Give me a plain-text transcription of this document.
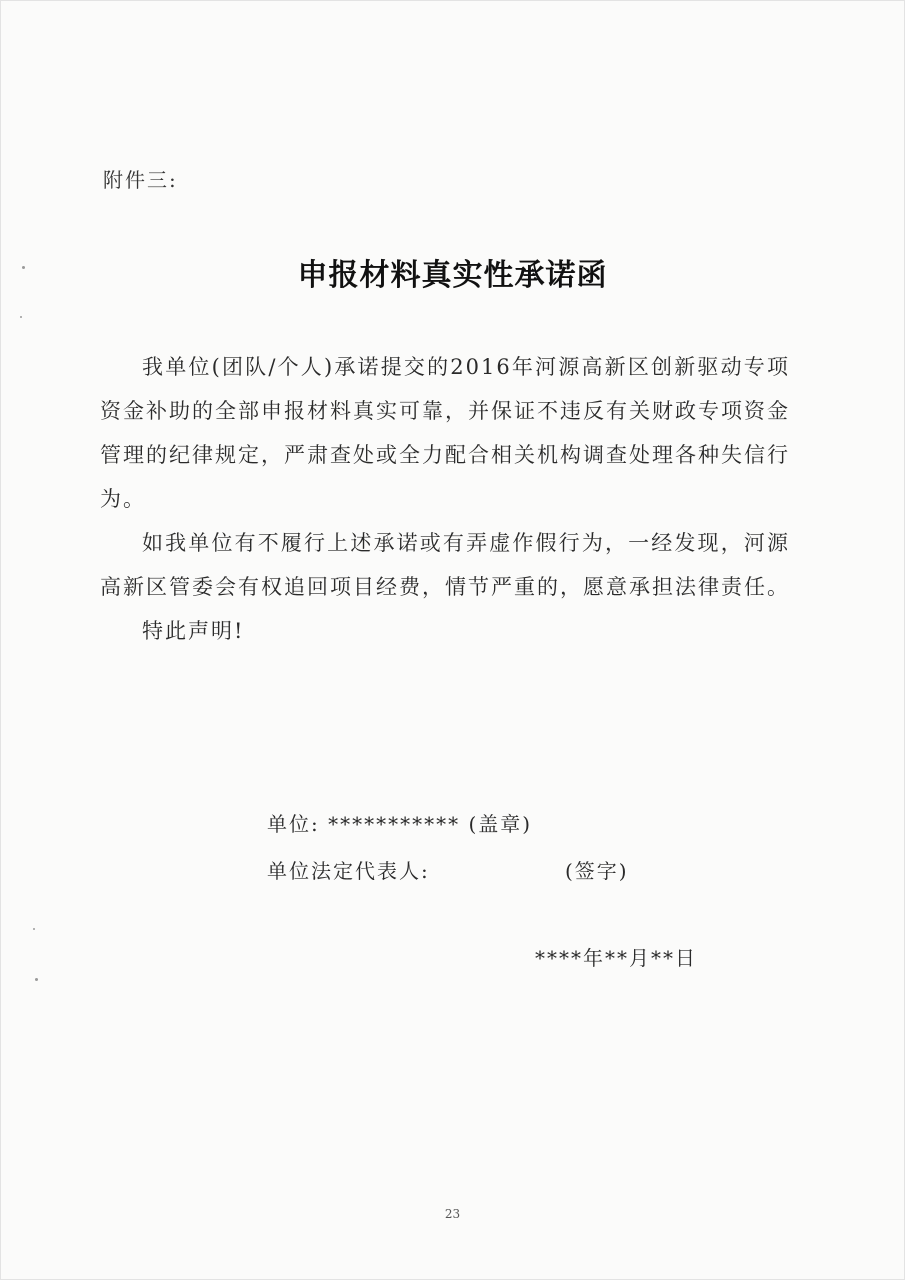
附件三:
申报材料真实性承诺函

我单位(团队/个人)承诺提交的2016年河源高新区创新驱动专项资金补助的全部申报材料真实可靠，并保证不违反有关财政专项资金管理的纪律规定，严肃查处或全力配合相关机构调查处理各种失信行为。

如我单位有不履行上述承诺或有弄虚作假行为，一经发现，河源高新区管委会有权追回项目经费，情节严重的，愿意承担法律责任。

特此声明!

单位: *********** (盖章)
单位法定代表人:	(签字)
****年**月**日
23
